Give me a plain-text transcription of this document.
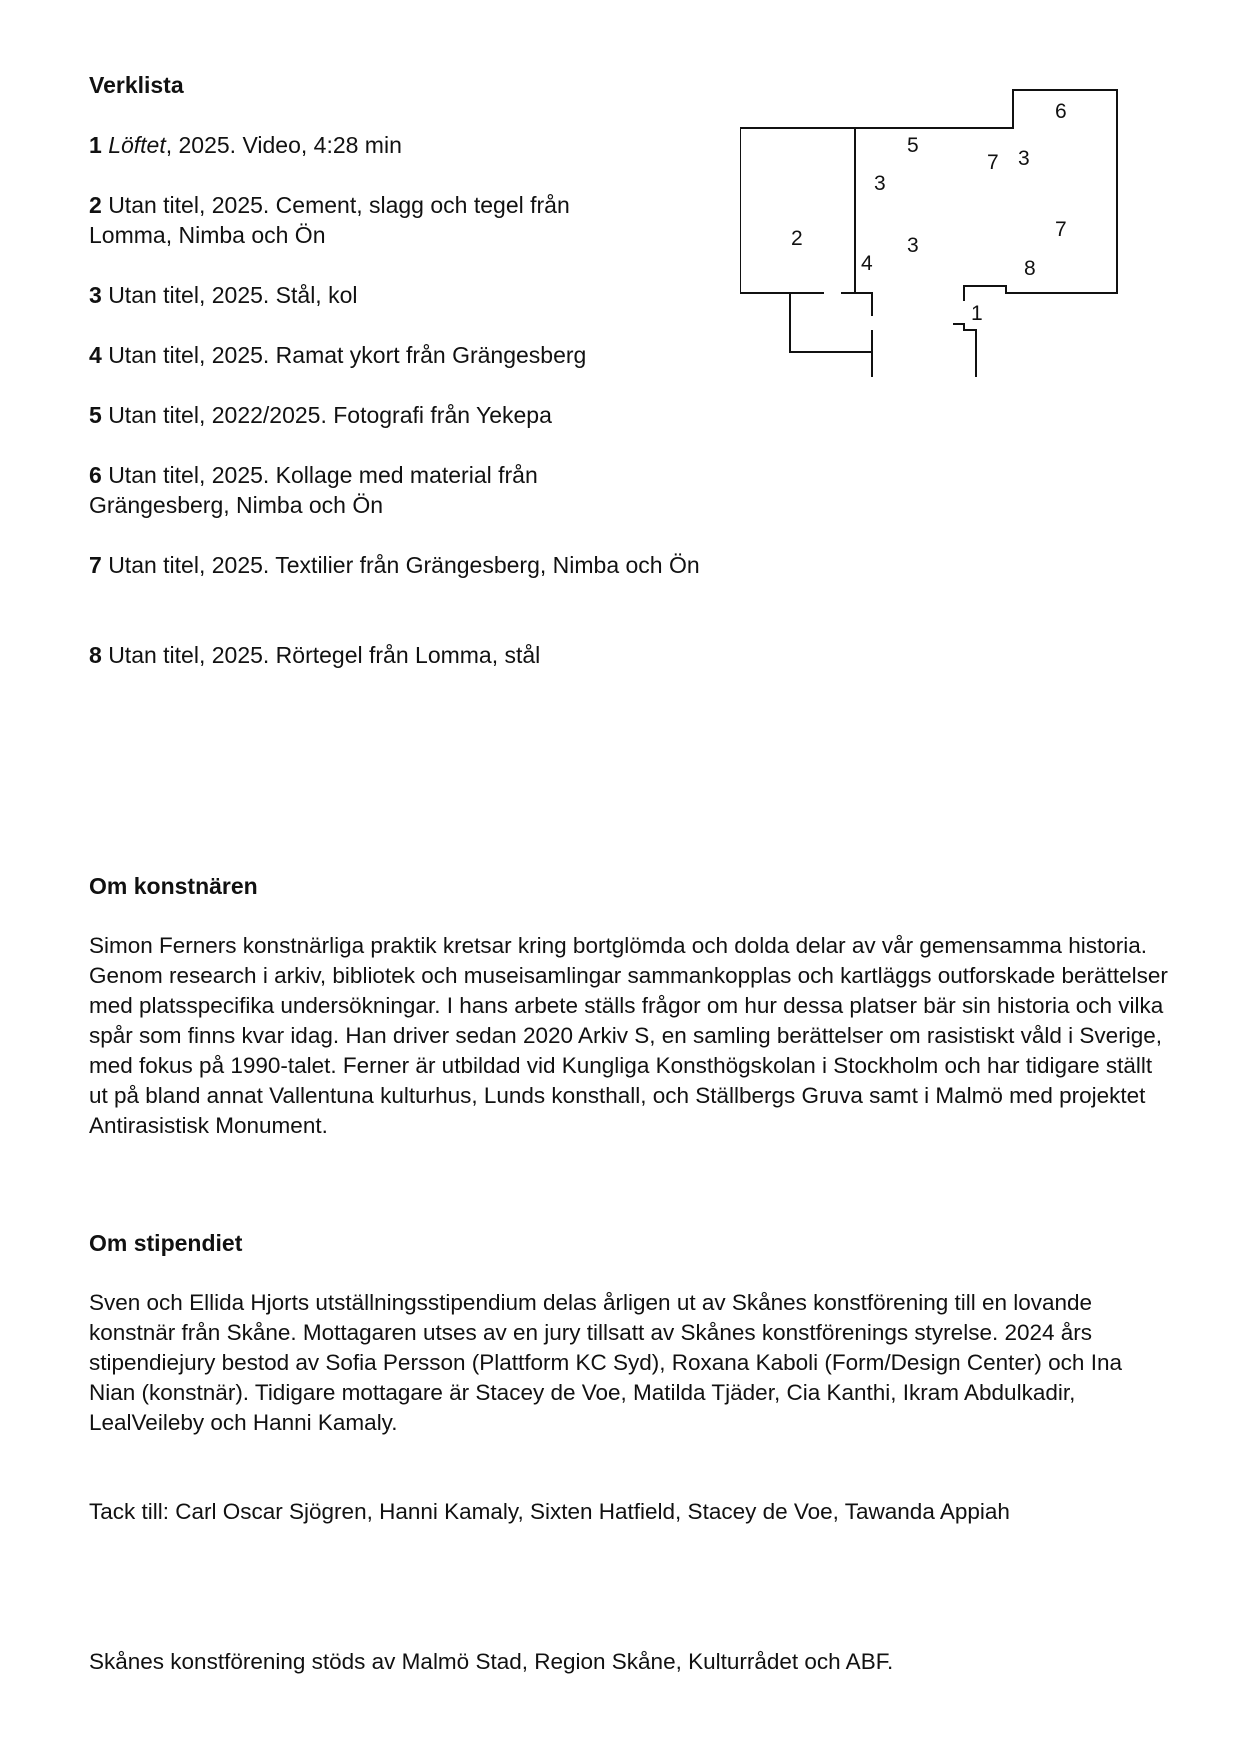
Verklista

1 Löftet, 2025. Video, 4:28 min

2 Utan titel, 2025. Cement, slagg och tegel från Lomma, Nimba och Ön

3 Utan titel, 2025. Stål, kol

4 Utan titel, 2025. Ramat ykort från Grängesberg

5 Utan titel, 2022/2025. Fotografi från Yekepa

6 Utan titel, 2025. Kollage med material från Grängesberg, Nimba och Ön

7 Utan titel, 2025. Textilier från Grängesberg, Nimba och Ön

8 Utan titel, 2025. Rörtegel från Lomma, stål

6
5
7 3
3
2	3
7
4	8
1
Om konstnären

Simon Ferners konstnärliga praktik kretsar kring bortglömda och dolda delar av vår gemensamma historia. Genom research i arkiv, bibliotek och museisamlingar sammankopplas och kartläggs outforskade berättelser med platsspecifika undersökningar. I hans arbete ställs frågor om hur dessa platser bär sin historia och vilka spår som finns kvar idag. Han driver sedan 2020 Arkiv S, en samling berättelser om rasistiskt våld i Sverige, med fokus på 1990-talet. Ferner är utbildad vid Kungliga Konsthögskolan i Stockholm och har tidigare ställt ut på bland annat Vallentuna kulturhus, Lunds konsthall, och Ställbergs Gruva samt i Malmö med projektet Antirasistisk Monument.

Om stipendiet

Sven och Ellida Hjorts utställningsstipendium delas årligen ut av Skånes konstförening till en lovande konstnär från Skåne. Mottagaren utses av en jury tillsatt av Skånes konstförenings styrelse. 2024 års stipendiejury bestod av Sofia Persson (Plattform KC Syd), Roxana Kaboli (Form/Design Center) och Ina Nian (konstnär). Tidigare mottagare är Stacey de Voe, Matilda Tjäder, Cia Kanthi, Ikram Abdulkadir, LealVeileby och Hanni Kamaly.

Tack till: Carl Oscar Sjögren, Hanni Kamaly, Sixten Hatfield, Stacey de Voe, Tawanda Appiah

Skånes konstförening stöds av Malmö Stad, Region Skåne, Kulturrådet och ABF.
